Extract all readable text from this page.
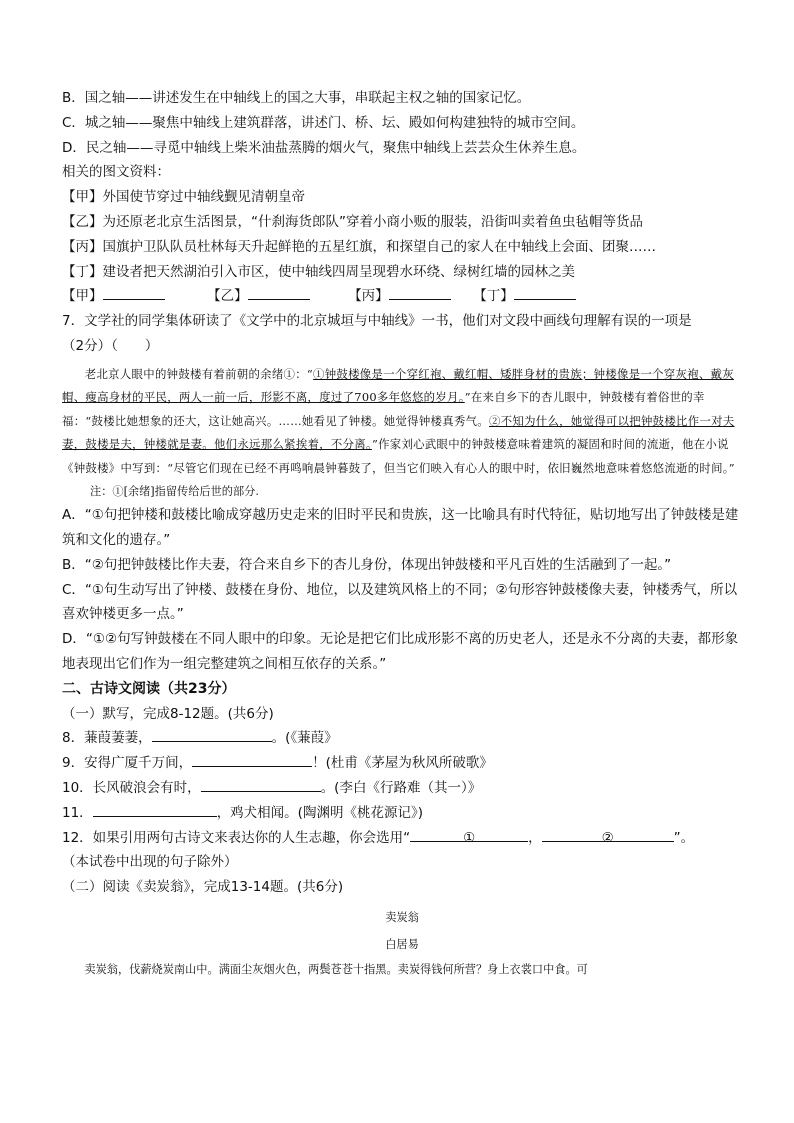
B．国之轴——讲述发生在中轴线上的国之大事，串联起主权之轴的国家记忆。
C．城之轴——聚焦中轴线上建筑群落，讲述门、桥、坛、殿如何构建独特的城市空间。
D．民之轴——寻觅中轴线上柴米油盐蒸腾的烟火气，聚焦中轴线上芸芸众生休养生息。
相关的图文资料：
【甲】外国使节穿过中轴线觐见清朝皇帝
【乙】为还原老北京生活图景，“什刹海货郎队”穿着小商小贩的服装，沿街叫卖着鱼虫毡帽等货品
【丙】国旗护卫队队员杜林每天升起鲜艳的五星红旗，和探望自己的家人在中轴线上会面、团聚……
【丁】建设者把天然湖泊引入市区，使中轴线四周呈现碧水环绕、绿树红墙的园林之美
【甲】	【乙】	【丙】	【丁】
7．文学社的同学集体研读了《文学中的北京城垣与中轴线》一书，他们对文段中画线句理解有误的一项是
（2分）（　　）
老北京人眼中的钟鼓楼有着前朝的余绪①：“①钟鼓楼像是一个穿红袍、戴红帽、矮胖身材的贵族；钟楼像是一个穿灰袍、戴灰帽、瘦高身材的平民，两人一前一后，形影不离，度过了700多年悠悠的岁月。”在来自乡下的杏儿眼中，钟鼓楼有着俗世的幸福：“鼓楼比她想象的还大，这让她高兴。……她看见了钟楼。她觉得钟楼真秀气。②不知为什么，她觉得可以把钟鼓楼比作一对夫妻，鼓楼是夫，钟楼就是妻。他们永远那么紧挨着，不分离。”作家刘心武眼中的钟鼓楼意味着建筑的凝固和时间的流逝，他在小说《钟鼓楼》中写到：“尽管它们现在已经不再鸣响晨钟暮鼓了，但当它们映入有心人的眼中时，依旧巍然地意味着悠悠流逝的时间。”
注：①[余绪]指留传给后世的部分.
A．“①句把钟楼和鼓楼比喻成穿越历史走来的旧时平民和贵族，这一比喻具有时代特征，贴切地写出了钟鼓楼是建筑和文化的遗存。”
B．“②句把钟鼓楼比作夫妻，符合来自乡下的杏儿身份，体现出钟鼓楼和平凡百姓的生活融到了一起。”
C．“①句生动写出了钟楼、鼓楼在身份、地位，以及建筑风格上的不同；②句形容钟鼓楼像夫妻，钟楼秀气，所以喜欢钟楼更多一点。”
D．“①②句写钟鼓楼在不同人眼中的印象。无论是把它们比成形影不离的历史老人，还是永不分离的夫妻，都形象地表现出它们作为一组完整建筑之间相互依存的关系。”
二、古诗文阅读（共23分）
（一）默写，完成8-12题。(共6分)
8．蒹葭萋萋，	。(《蒹葭》
9．安得广厦千万间，	！(杜甫《茅屋为秋风所破歌》
10．长风破浪会有时，	。(李白《行路难（其一）》
11．	，鸡犬相闻。(陶渊明《桃花源记》)
12．如果引用两句古诗文来表达你的人生志趣，你会选用“	①	，	②	”。
（本试卷中出现的句子除外）
（二）阅读《卖炭翁》，完成13-14题。(共6分)
卖炭翁
白居易
卖炭翁，伐薪烧炭南山中。满面尘灰烟火色，两鬓苍苍十指黑。卖炭得钱何所营？身上衣裳口中食。可
